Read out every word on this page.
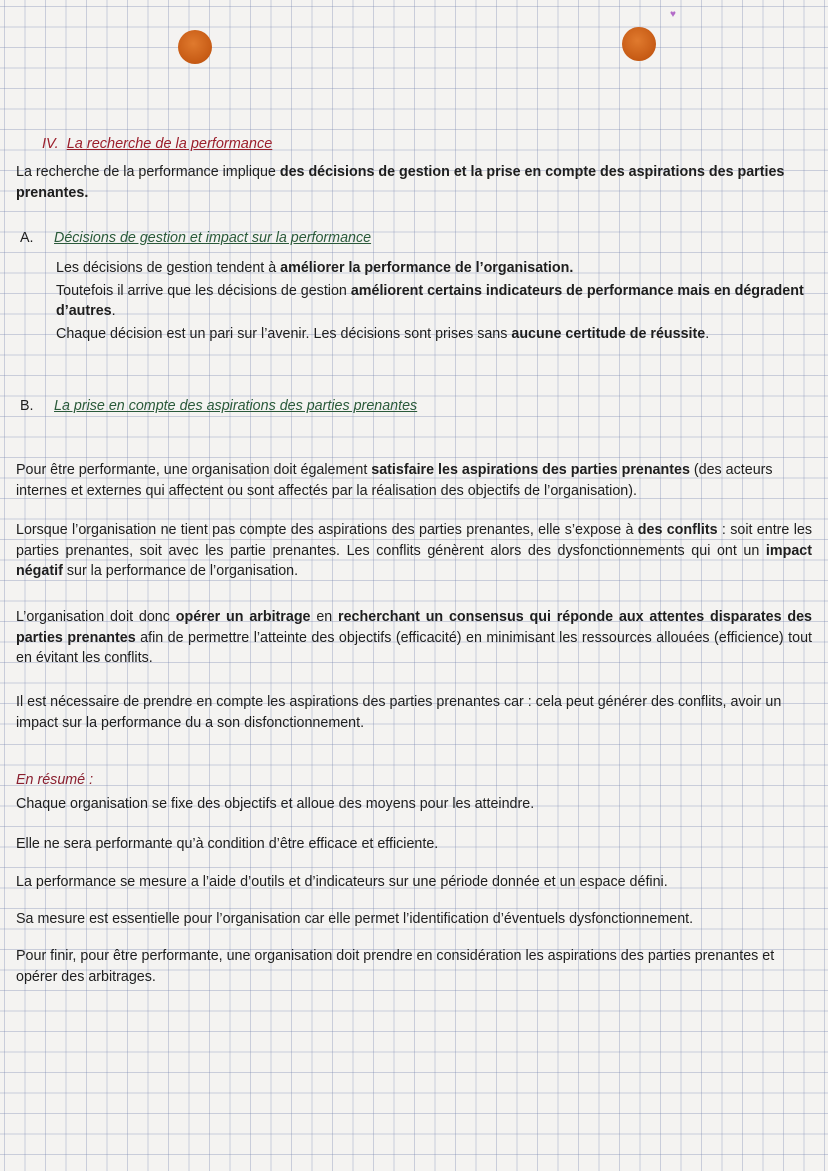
♥
IV. La recherche de la performance

La recherche de la performance implique des décisions de gestion et la prise en compte des aspirations des parties prenantes.

A. Décisions de gestion et impact sur la performance

Les décisions de gestion tendent à améliorer la performance de l’organisation.

Toutefois il arrive que les décisions de gestion améliorent certains indicateurs de performance mais en dégradent d’autres.

Chaque décision est un pari sur l’avenir. Les décisions sont prises sans aucune certitude de réussite.

B. La prise en compte des aspirations des parties prenantes

Pour être performante, une organisation doit également satisfaire les aspirations des parties prenantes (des acteurs internes et externes qui affectent ou sont affectés par la réalisation des objectifs de l’organisation).

Lorsque l’organisation ne tient pas compte des aspirations des parties prenantes, elle s’expose à des conflits : soit entre les parties prenantes, soit avec les partie prenantes. Les conflits génèrent alors des dysfonctionnements qui ont un impact négatif sur la performance de l’organisation.

L’organisation doit donc opérer un arbitrage en recherchant un consensus qui réponde aux attentes disparates des parties prenantes afin de permettre l’atteinte des objectifs (efficacité) en minimisant les ressources allouées (efficience) tout en évitant les conflits.

Il est nécessaire de prendre en compte les aspirations des parties prenantes car : cela peut générer des conflits, avoir un impact sur la performance du a son disfonctionnement.

En résumé :

Chaque organisation se fixe des objectifs et alloue des moyens pour les atteindre.

Elle ne sera performante qu’à condition d’être efficace et efficiente.

La performance se mesure a l’aide d’outils et d’indicateurs sur une période donnée et un espace défini.

Sa mesure est essentielle pour l’organisation car elle permet l’identification d’éventuels dysfonctionnement.

Pour finir, pour être performante, une organisation doit prendre en considération les aspirations des parties prenantes et opérer des arbitrages.
